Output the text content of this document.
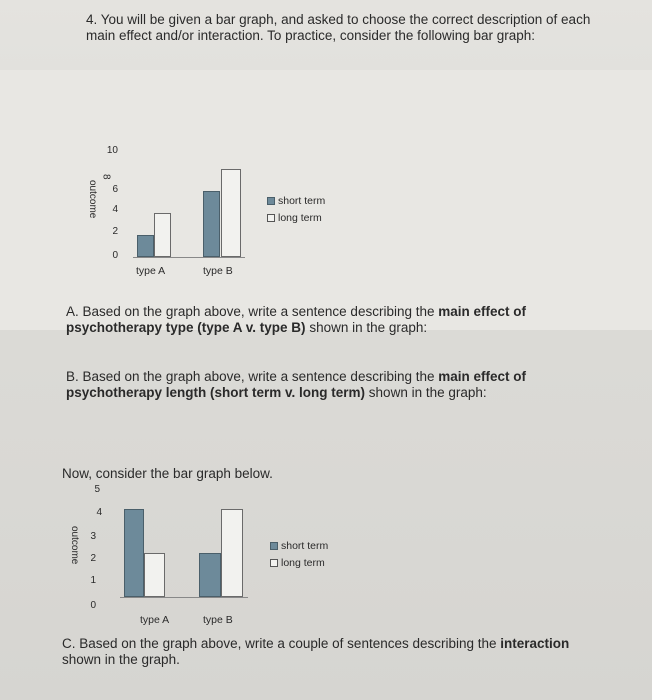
4. You will be given a bar graph, and asked to choose the correct description of each
main effect and/or interaction. To practice, consider the following bar graph:
outcome
10
8
6
4
2
0
type A	type B
short term
long term
A. Based on the graph above, write a sentence describing the main effect of
psychotherapy type (type A v. type B) shown in the graph:
B. Based on the graph above, write a sentence describing the main effect of
psychotherapy length (short term v. long term) shown in the graph:
Now, consider the bar graph below.
outcome
5
4
3
2
1
0
type A	type B
short term
long term
C. Based on the graph above, write a couple of sentences describing the interaction
shown in the graph.
